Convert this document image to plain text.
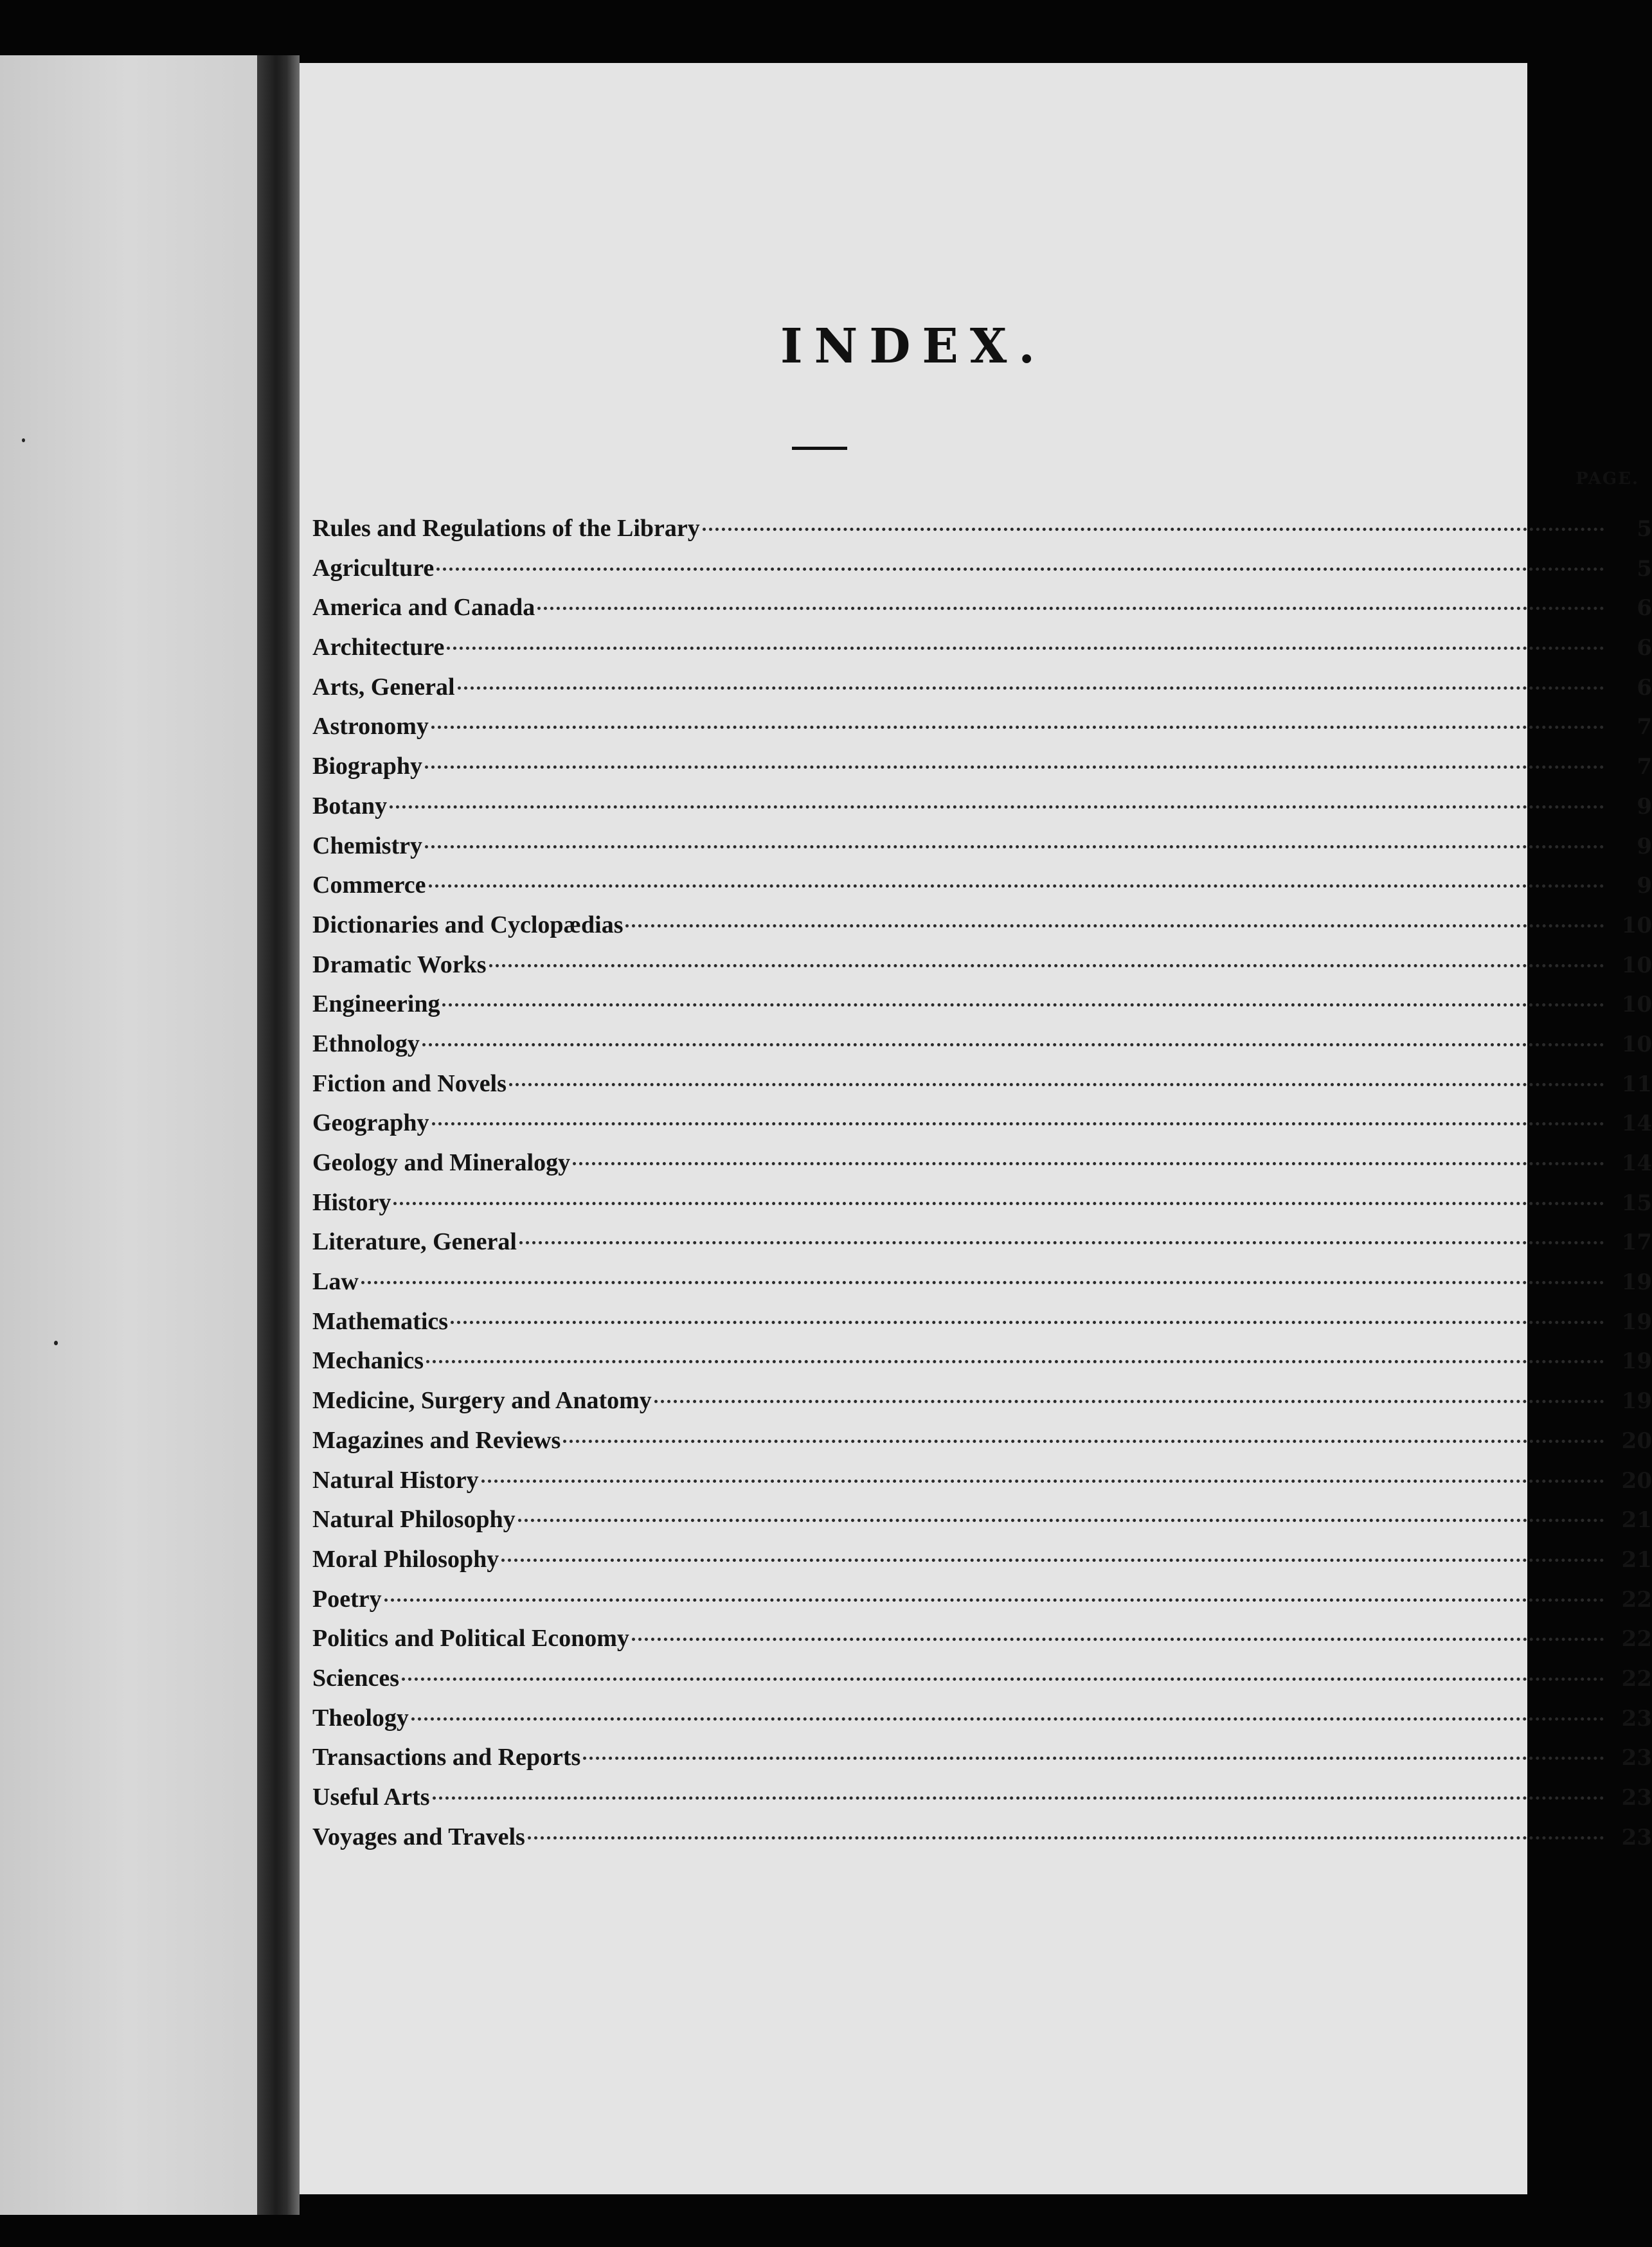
INDEX.
PAGE.
Rules and Regulations of the Library	5
Agriculture	5
America and Canada	6
Architecture	6
Arts, General	6
Astronomy	7
Biography	7
Botany	9
Chemistry	9
Commerce	9
Dictionaries and Cyclopædias	10
Dramatic Works	10
Engineering	10
Ethnology	10
Fiction and Novels	11
Geography	14
Geology and Mineralogy	14
History	15
Literature, General	17
Law	19
Mathematics	19
Mechanics	19
Medicine, Surgery and Anatomy	19
Magazines and Reviews	20
Natural History	20
Natural Philosophy	21
Moral Philosophy	21
Poetry	22
Politics and Political Economy	22
Sciences	22
Theology	23
Transactions and Reports	23
Useful Arts	23
Voyages and Travels	23
